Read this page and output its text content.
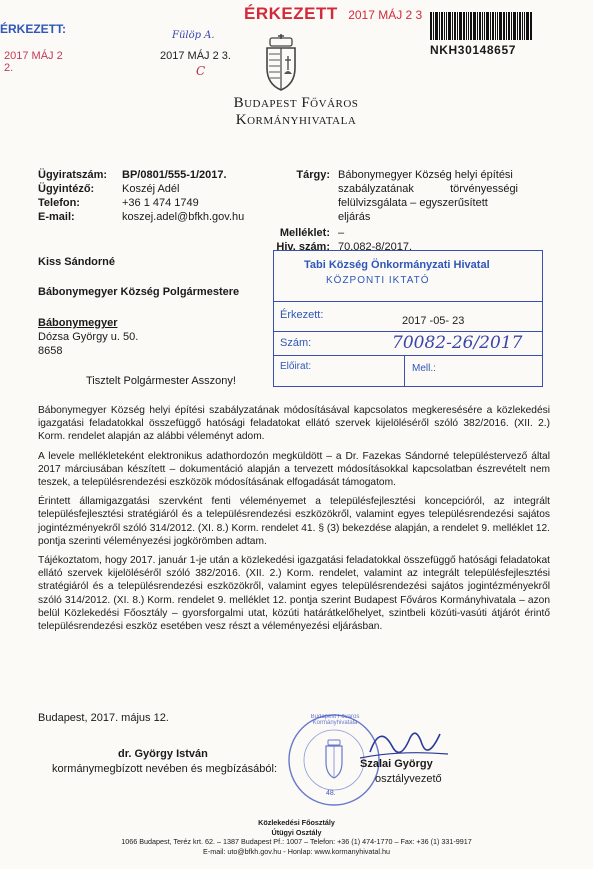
ÉRKEZETT:
2017 MÁJ 2 2.
ÉRKEZETT 2017 MÁJ 2 3
Fülöp A.
2017 MÁJ 2 3.
C
Budapest Főváros
Kormányhivatala
NKH30148657
Ügyiratszám:	BP/0801/555-1/2017.
Ügyintéző:	Koszéj Adél
Telefon:	+36 1 474 1749
E-mail:	koszej.adel@bfkh.gov.hu
Tárgy: Bábonymegyer Község helyi építési
szabályzatának törvényességi
felülvizsgálata – egyszerűsített eljárás
Melléklet: –
Hiv. szám: 70.082-8/2017.
Kiss Sándorné
Bábonymegyer Község Polgármestere
Bábonymegyer
Dózsa György u. 50.
8658
Tabi Község Önkormányzati Hivatal
KÖZPONTI IKTATÓ
Érkezett:	2017 -05- 23
Szám:	70082-26/2017
Előirat:	Mell.:
Tisztelt Polgármester Asszony!

Bábonymegyer Község helyi építési szabályzatának módosításával kapcsolatos megkeresésére a közlekedési igazgatási feladatokkal összefüggő hatósági feladatokat ellátó szervek kijelöléséről szóló 382/2016. (XII. 2.) Korm. rendelet alapján az alábbi véleményt adom.

A levele mellékleteként elektronikus adathordozón megküldött – a Dr. Fazekas Sándorné településtervező által 2017 márciusában készített – dokumentáció alapján a tervezett módosításokkal kapcsolatban észrevételt nem teszek, a településrendezési eszközök módosításának elfogadását támogatom.

Érintett államigazgatási szervként fenti véleményemet a településfejlesztési koncepcióról, az integrált településfejlesztési stratégiáról és a településrendezési eszközökről, valamint egyes településrendezési sajátos jogintézményekről szóló 314/2012. (XI. 8.) Korm. rendelet 41. § (3) bekezdése alapján, a rendelet 9. melléklet 12. pontja szerinti véleményezési jogkörömben adtam.

Tájékoztatom, hogy 2017. január 1-je után a közlekedési igazgatási feladatokkal összefüggő hatósági feladatokat ellátó szervek kijelöléséről szóló 382/2016. (XII. 2.) Korm. rendelet, valamint az integrált településfejlesztési stratégiáról és a településrendezési eszközökről, valamint egyes településrendezési sajátos jogintézményekről szóló 314/2012. (XI. 8.) Korm. rendelet 9. melléklet 12. pontja szerint Budapest Főváros Kormányhivatala – azon belül Közlekedési Főosztály – gyorsforgalmi utat, közúti határátkelőhelyet, szintbeli közúti-vasúti átjárót érintő településrendezési eszköz esetében vesz részt a véleményezési eljárásban.

Budapest, 2017. május 12.
dr. György István
kormánymegbízott nevében és megbízásából:
Budapest Főváros Kormányhivatala
48.
Szalai György
osztályvezető
Közlekedési Főosztály
Útügyi Osztály
1066 Budapest, Teréz krt. 62. – 1387 Budapest Pf.: 1007 – Telefon: +36 (1) 474-1770 – Fax: +36 (1) 331-9917
E-mail: uto@bfkh.gov.hu - Honlap: www.kormanyhivatal.hu
